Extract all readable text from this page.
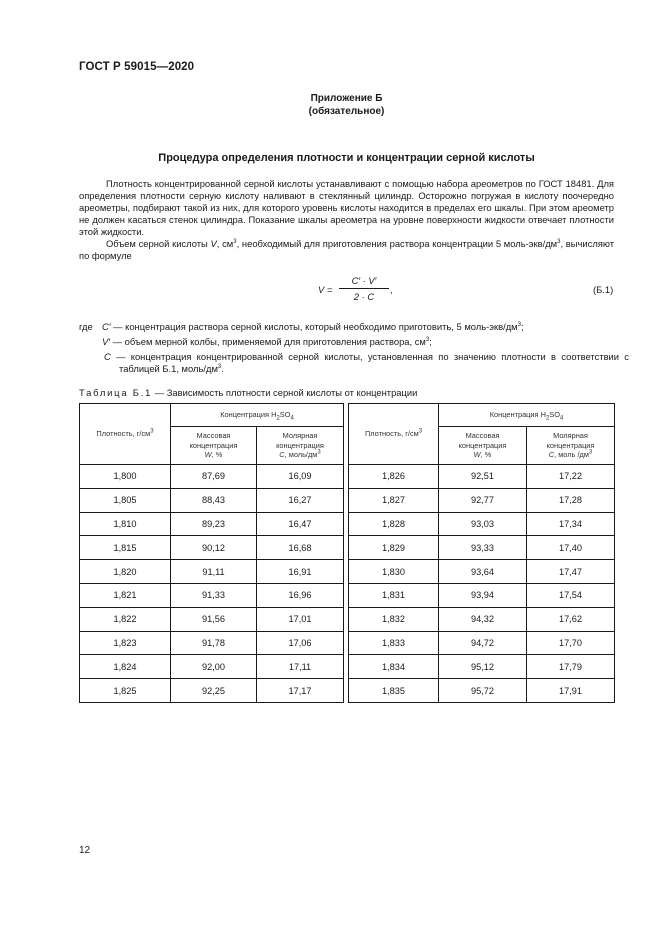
ГОСТ Р 59015—2020
Приложение Б
(обязательное)
Процедура определения плотности и концентрации серной кислоты
Плотность концентрированной серной кислоты устанавливают с помощью набора ареометров по ГОСТ 18481. Для определения плотности серную кислоту наливают в стеклянный цилиндр. Осторожно погружая в кислоту поочередно ареометры, подбирают такой из них, для которого уровень кислоты находится в пределах его шкалы. При этом ареометр не должен касаться стенок цилиндра. Показание шкалы ареометра на уровне поверхности жидкости отвечает плотности этой жидкости.
Объем серной кислоты V, $см^3$, необходимый для приготовления раствора концентрации 5 моль-$экв/дм^3$, вычисляют по формуле
$V = \frac{C' \cdot V'}{2 \cdot C}$ ,	(Б.1)
где C′ — концентрация раствора серной кислоты, который необходимо приготовить, 5 моль-$экв/дм^3$;
V′ — объем мерной колбы, применяемой для приготовления раствора, $см^3$;
C — концентрация концентрированной серной кислоты, установленная по значению плотности в соответствии с таблицей Б.1, моль/$дм^3$.
Таблица Б.1 — Зависимость плотности серной кислоты от концентрации
Плотность, $г/см^3$	Концентрация $H_2SO_4$			Плотность, $г/см^3$	Концентрация $H_2SO_4$
	Массовая
концентрация
W, %	Молярная
концентрация
C, моль/$дм^3$			Массовая
концентрация
W, %	Молярная
концентрация
C, моль $/дм^3$
1,800	87,69	16,09		1,826	92,51	17,22
1,805	88,43	16,27		1,827	92,77	17,28
1,810	89,23	16,47		1,828	93,03	17,34
1,815	90,12	16,68		1,829	93,33	17,40
1,820	91,11	16,91		1,830	93,64	17,47
1,821	91,33	16,96		1,831	93,94	17,54
1,822	91,56	17,01		1,832	94,32	17,62
1,823	91,78	17,06		1,833	94,72	17,70
1,824	92,00	17,11		1,834	95,12	17,79
1,825	92,25	17,17		1,835	95,72	17,91
12
